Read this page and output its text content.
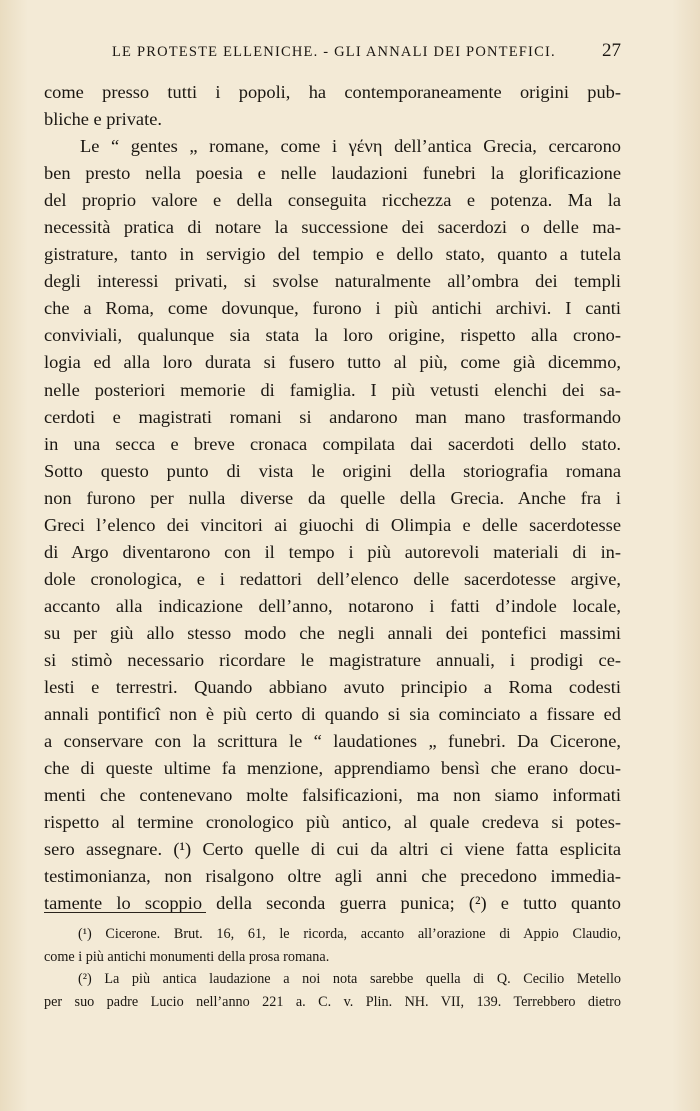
LE PROTESTE ELLENICHE. - GLI ANNALI DEI PONTEFICI. 27
come presso tutti i popoli, ha contemporaneamente origini pub-
bliche e private.
Le “ gentes „ romane, come i γένη dell’antica Grecia, cercarono
ben presto nella poesia e nelle laudazioni funebri la glorificazione
del proprio valore e della conseguita ricchezza e potenza. Ma la
necessità pratica di notare la successione dei sacerdozi o delle ma-
gistrature, tanto in servigio del tempio e dello stato, quanto a tutela
degli interessi privati, si svolse naturalmente all’ombra dei templi
che a Roma, come dovunque, furono i più antichi archivi. I canti
conviviali, qualunque sia stata la loro origine, rispetto alla crono-
logia ed alla loro durata si fusero tutto al più, come già dicemmo,
nelle posteriori memorie di famiglia. I più vetusti elenchi dei sa-
cerdoti e magistrati romani si andarono man mano trasformando
in una secca e breve cronaca compilata dai sacerdoti dello stato.
Sotto questo punto di vista le origini della storiografia romana
non furono per nulla diverse da quelle della Grecia. Anche fra i
Greci l’elenco dei vincitori ai giuochi di Olimpia e delle sacerdotesse
di Argo diventarono con il tempo i più autorevoli materiali di in-
dole cronologica, e i redattori dell’elenco delle sacerdotesse argive,
accanto alla indicazione dell’anno, notarono i fatti d’indole locale,
su per giù allo stesso modo che negli annali dei pontefici massimi
si stimò necessario ricordare le magistrature annuali, i prodigi ce-
lesti e terrestri. Quando abbiano avuto principio a Roma codesti
annali pontificî non è più certo di quando si sia cominciato a fissare ed
a conservare con la scrittura le “ laudationes „ funebri. Da Cicerone,
che di queste ultime fa menzione, apprendiamo bensì che erano docu-
menti che contenevano molte falsificazioni, ma non siamo informati
rispetto al termine cronologico più antico, al quale credeva si potes-
sero assegnare. (¹) Certo quelle di cui da altri ci viene fatta esplicita
testimonianza, non risalgono oltre agli anni che precedono immedia-
tamente lo scoppio della seconda guerra punica; (²) e tutto quanto
(¹) Cicerone. Brut. 16, 61, le ricorda, accanto all’orazione di Appio Claudio,
come i più antichi monumenti della prosa romana.
(²) La più antica laudazione a noi nota sarebbe quella di Q. Cecilio Metello
per suo padre Lucio nell’anno 221 a. C. v. Plin. NH. VII, 139. Terrebbero dietro
